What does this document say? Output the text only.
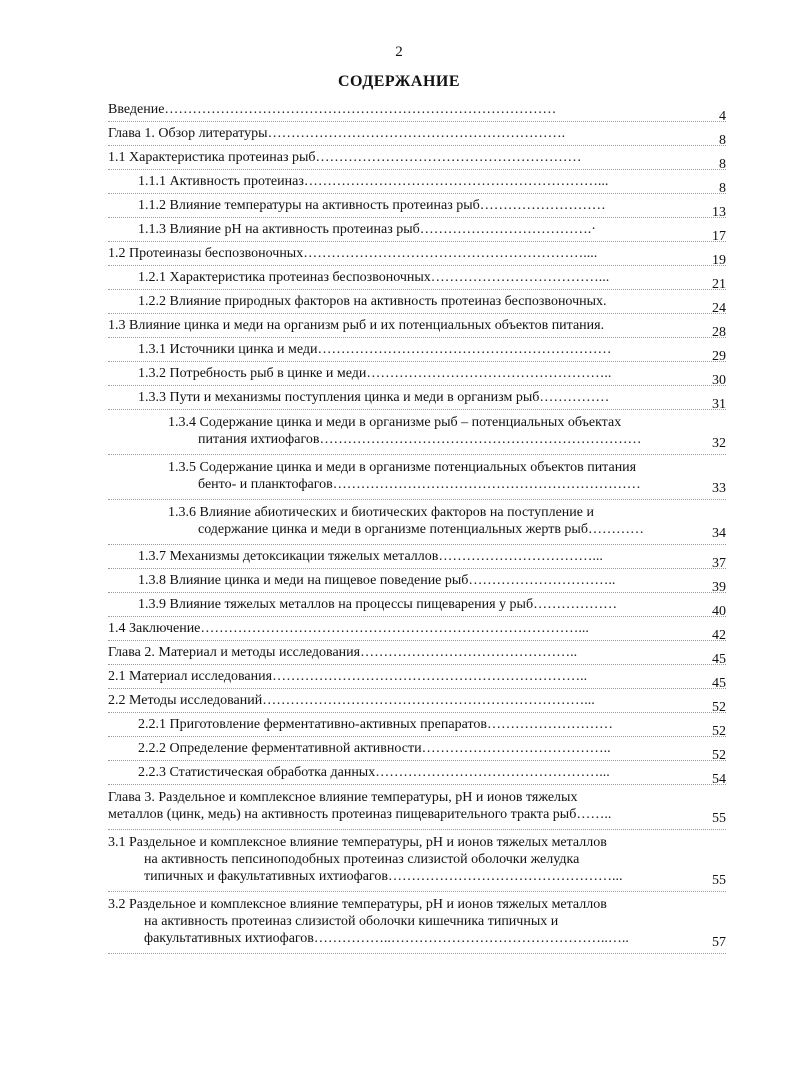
2
СОДЕРЖАНИЕ
Введение…………………………………………………………………………	4
Глава 1. Обзор литературы……………………………………………………….	8
1.1 Характеристика протеиназ рыб…………………………………………………	8
1.1.1 Активность протеиназ………………………………………………………...	8
1.1.2 Влияние температуры на активность протеиназ рыб………………………	13
1.1.3 Влияние pH на активность протеиназ рыб……………………………….·	17
1.2 Протеиназы беспозвоночных……………………………………………………....	19
1.2.1 Характеристика протеиназ беспозвоночных………………………………...	21
1.2.2 Влияние природных факторов на активность протеиназ беспозвоночных.	24
1.3 Влияние цинка и меди на организм рыб и их потенциальных объектов питания.	28
1.3.1 Источники цинка и меди………………………………………………………	29
1.3.2 Потребность рыб в цинке и меди……………………………………………..	30
1.3.3 Пути и механизмы поступления цинка и меди в организм рыб……………	31
1.3.4 Содержание цинка и меди в организме рыб – потенциальных объектах
питания ихтиофагов……………………………………………………………	32
1.3.5 Содержание цинка и меди в организме потенциальных объектов питания
бенто- и планктофагов…………………………………………………………	33
1.3.6 Влияние абиотических и биотических факторов на поступление и
содержание цинка и меди в организме потенциальных жертв рыб…………	34
1.3.7 Механизмы детоксикации тяжелых металлов……………………………...	37
1.3.8 Влияние цинка и меди на пищевое поведение рыб…………………………..	39
1.3.9 Влияние тяжелых металлов на процессы пищеварения у рыб………………	40
1.4 Заключение………………………………………………………………………...	42
Глава 2. Материал и методы исследования………………………………………..	45
2.1 Материал исследования…………………………………………………………..	45
2.2 Методы исследований……………………………………………………………...	52
2.2.1 Приготовление ферментативно-активных препаратов………………………	52
2.2.2 Определение ферментативной активности…………………………………..	52
2.2.3 Статистическая обработка данных…………………………………………...	54
Глава 3. Раздельное и комплексное влияние температуры, pH и ионов тяжелых
металлов (цинк, медь) на активность протеиназ пищеварительного тракта рыб……..	55
3.1 Раздельное и комплексное влияние температуры, pH и ионов тяжелых металлов
на активность пепсиноподобных протеиназ слизистой оболочки желудка
типичных и факультативных ихтиофагов…………………………………………...	55
3.2 Раздельное и комплексное влияние температуры, pH и ионов тяжелых металлов
на активность протеиназ слизистой оболочки кишечника типичных и
факультативных ихтиофагов……………..………………………………………..…..	57
